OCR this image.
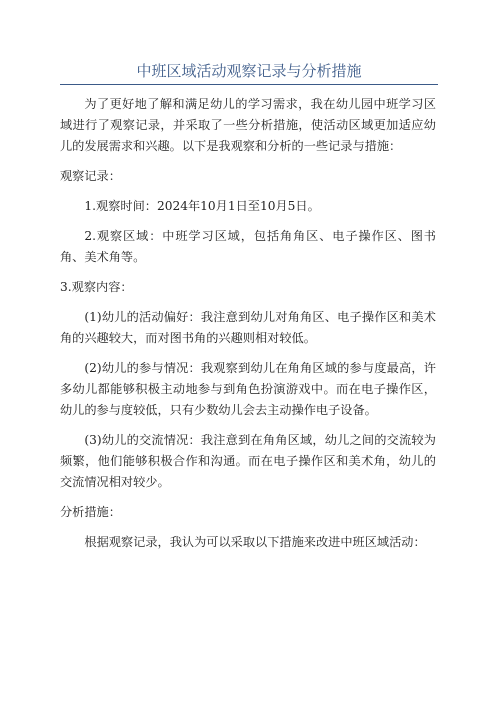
中班区域活动观察记录与分析措施

为了更好地了解和满足幼儿的学习需求，我在幼儿园中班学习区域进行了观察记录，并采取了一些分析措施，使活动区域更加适应幼儿的发展需求和兴趣。以下是我观察和分析的一些记录与措施：

观察记录：

1.观察时间：2024年10月1日至10月5日。

2.观察区域：中班学习区域，包括角角区、电子操作区、图书角、美术角等。

3.观察内容：

(1)幼儿的活动偏好：我注意到幼儿对角角区、电子操作区和美术角的兴趣较大，而对图书角的兴趣则相对较低。

(2)幼儿的参与情况：我观察到幼儿在角角区域的参与度最高，许多幼儿都能够积极主动地参与到角色扮演游戏中。而在电子操作区，幼儿的参与度较低，只有少数幼儿会去主动操作电子设备。

(3)幼儿的交流情况：我注意到在角角区域，幼儿之间的交流较为频繁，他们能够积极合作和沟通。而在电子操作区和美术角，幼儿的交流情况相对较少。

分析措施：

根据观察记录，我认为可以采取以下措施来改进中班区域活动：
